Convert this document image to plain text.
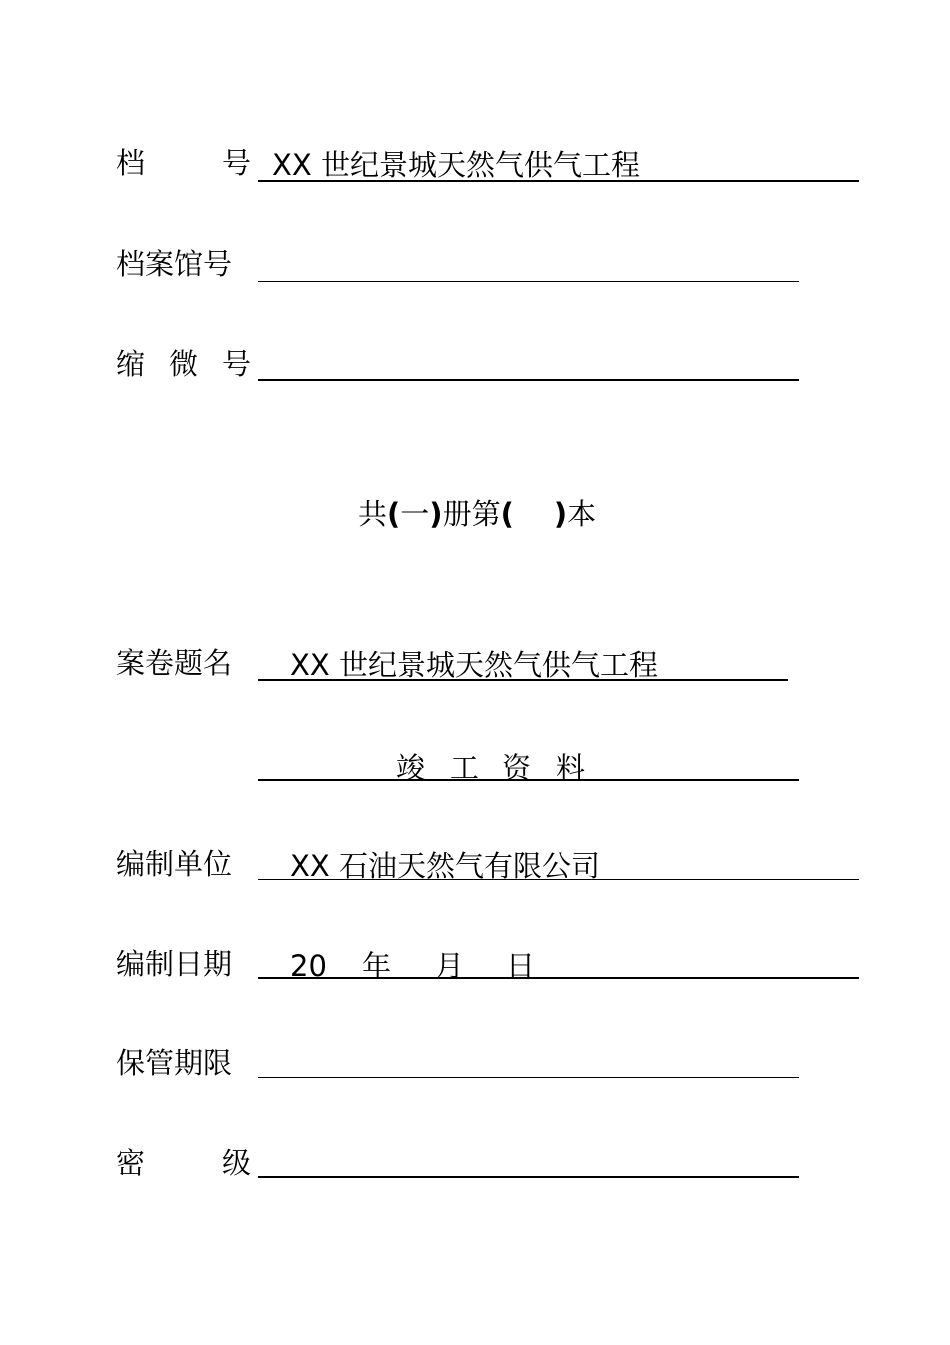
档	号 XX 世纪景城天然气供气工程
档案馆号
缩 微 号
共(一)册第( )本
案卷题名 XX 世纪景城天然气供气工程
竣 工 资 料
编制单位 XX 石油天然气有限公司
编制日期 20 年 月 日
保管期限
密	级
